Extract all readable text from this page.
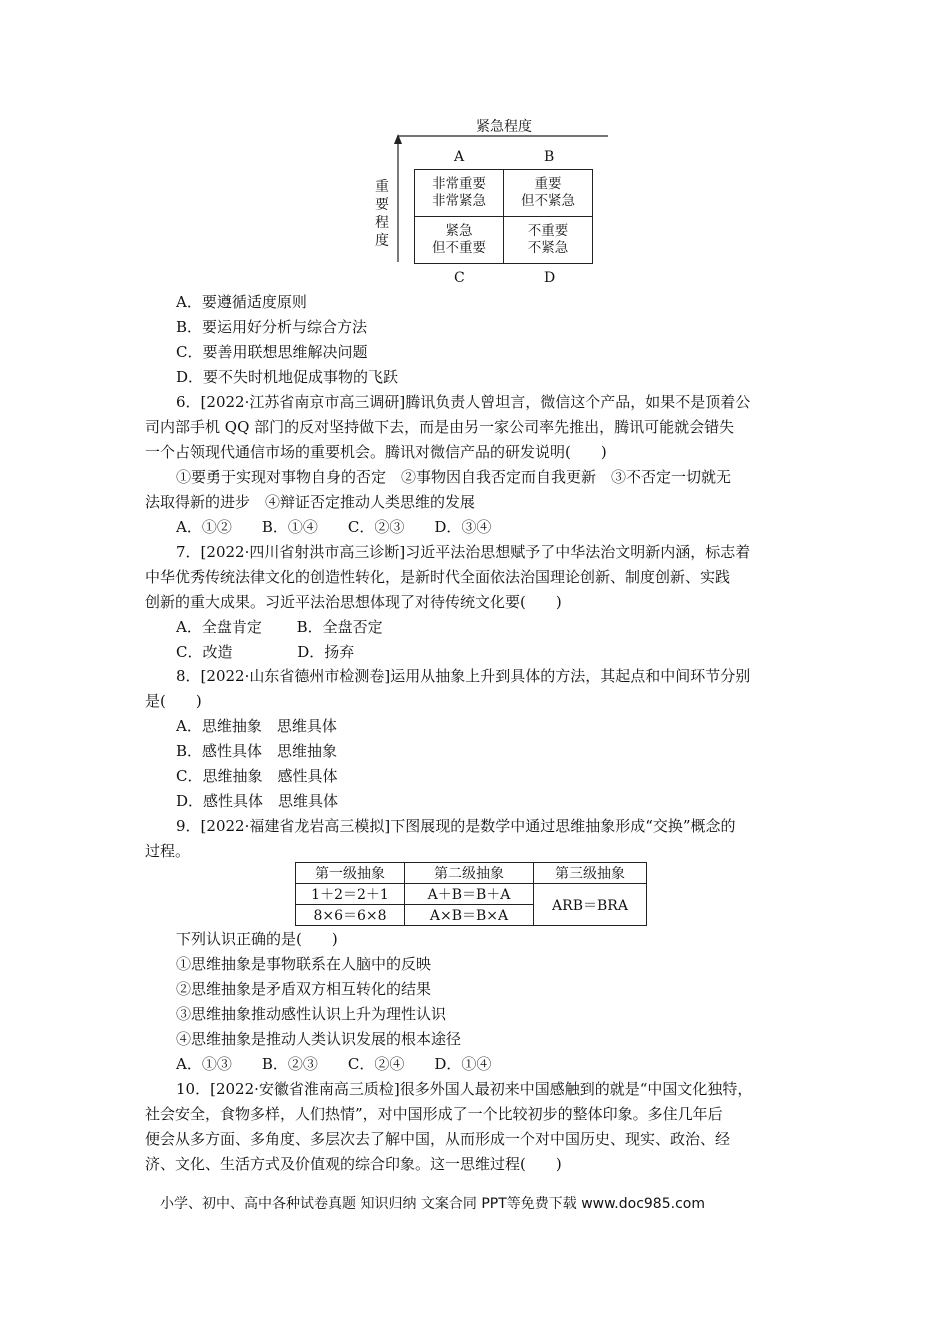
紧急程度
重
要
程
度
A	B
非常重要
非常紧急
重要
但不紧急
紧急
但不重要
不重要
不紧急
C	D
A．要遵循适度原则
B．要运用好分析与综合方法
C．要善用联想思维解决问题
D．要不失时机地促成事物的飞跃
6．[2022·江苏省南京市高三调研]腾讯负责人曾坦言，微信这个产品，如果不是顶着公
司内部手机 QQ 部门的反对坚持做下去，而是由另一家公司率先推出，腾讯可能就会错失
一个占领现代通信市场的重要机会。腾讯对微信产品的研发说明(　　)
①要勇于实现对事物自身的否定　②事物因自我否定而自我更新　③不否定一切就无
法取得新的进步　④辩证否定推动人类思维的发展
A．①②　　B．①④　　C．②③　　D．③④
7．[2022·四川省射洪市高三诊断]习近平法治思想赋予了中华法治文明新内涵，标志着
中华优秀传统法律文化的创造性转化，是新时代全面依法治国理论创新、制度创新、实践
创新的重大成果。习近平法治思想体现了对待传统文化要(　　)
A．全盘肯定　　 B．全盘否定
C．改造　　　　 D．扬弃
8．[2022·山东省德州市检测卷]运用从抽象上升到具体的方法，其起点和中间环节分别
是(　　)
A．思维抽象　思维具体
B．感性具体　思维抽象
C．思维抽象　感性具体
D．感性具体　思维具体
9．[2022·福建省龙岩高三模拟]下图展现的是数学中通过思维抽象形成“交换”概念的
过程。
第一级抽象	第二级抽象	第三级抽象
1＋2＝2＋1	A＋B＝B＋A	ARB＝BRA
8×6＝6×8	A×B＝B×A	
下列认识正确的是(　　)
①思维抽象是事物联系在人脑中的反映
②思维抽象是矛盾双方相互转化的结果
③思维抽象推动感性认识上升为理性认识
④思维抽象是推动人类认识发展的根本途径
A．①③　　B．②③　　C．②④　　D．①④
10．[2022·安徽省淮南高三质检]很多外国人最初来中国感触到的就是“中国文化独特，
社会安全，食物多样，人们热情”，对中国形成了一个比较初步的整体印象。多住几年后
便会从多方面、多角度、多层次去了解中国，从而形成一个对中国历史、现实、政治、经
济、文化、生活方式及价值观的综合印象。这一思维过程(　　)
小学、初中、高中各种试卷真题 知识归纳 文案合同 PPT等免费下载 www.doc985.com
